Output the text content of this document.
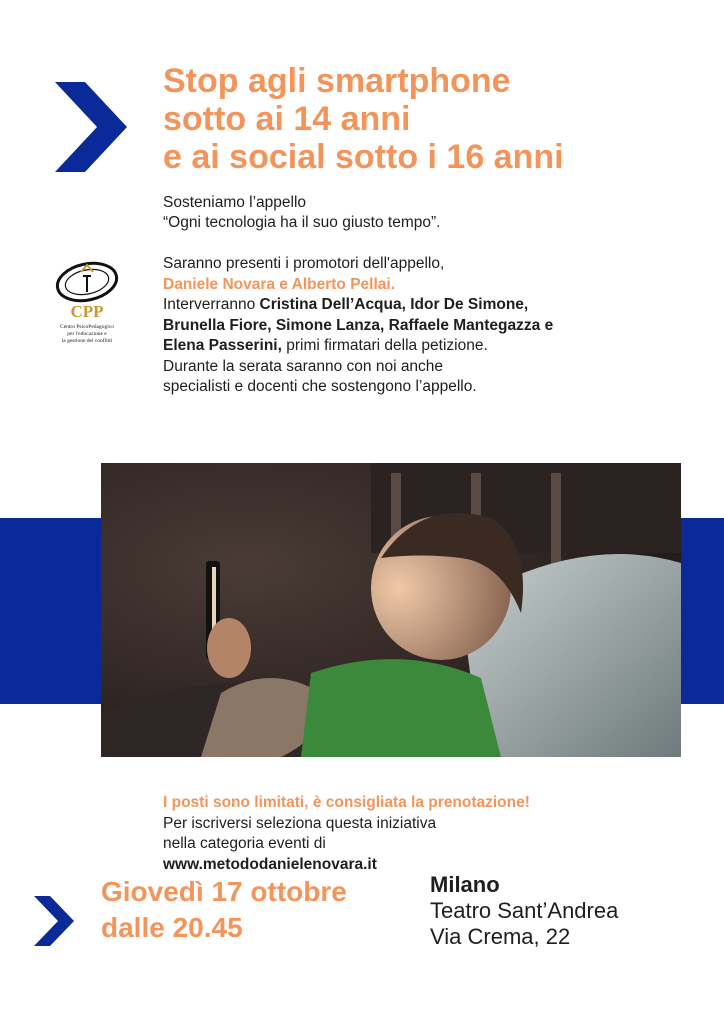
Stop agli smartphone
sotto ai 14 anni
e ai social sotto i 16 anni
Sosteniamo l’appello
“Ogni tecnologia ha il suo giusto tempo”.
CPP
Centro PsicoPedagogico
per l'educazione e
la gestione dei conflitti
Saranno presenti i promotori dell'appello,
Daniele Novara e Alberto Pellai.
Interverranno Cristina Dell’Acqua, Idor De Simone,
Brunella Fiore, Simone Lanza, Raffaele Mantegazza e
Elena Passerini, primi firmatari della petizione.
Durante la serata saranno con noi anche
specialisti e docenti che sostengono l’appello.
I posti sono limitati, è consigliata la prenotazione!
Per iscriversi seleziona questa iniziativa
nella categoria eventi di
www.metododanielenovara.it
Giovedì 17 ottobre
dalle 20.45
Milano
Teatro Sant’Andrea
Via Crema, 22
